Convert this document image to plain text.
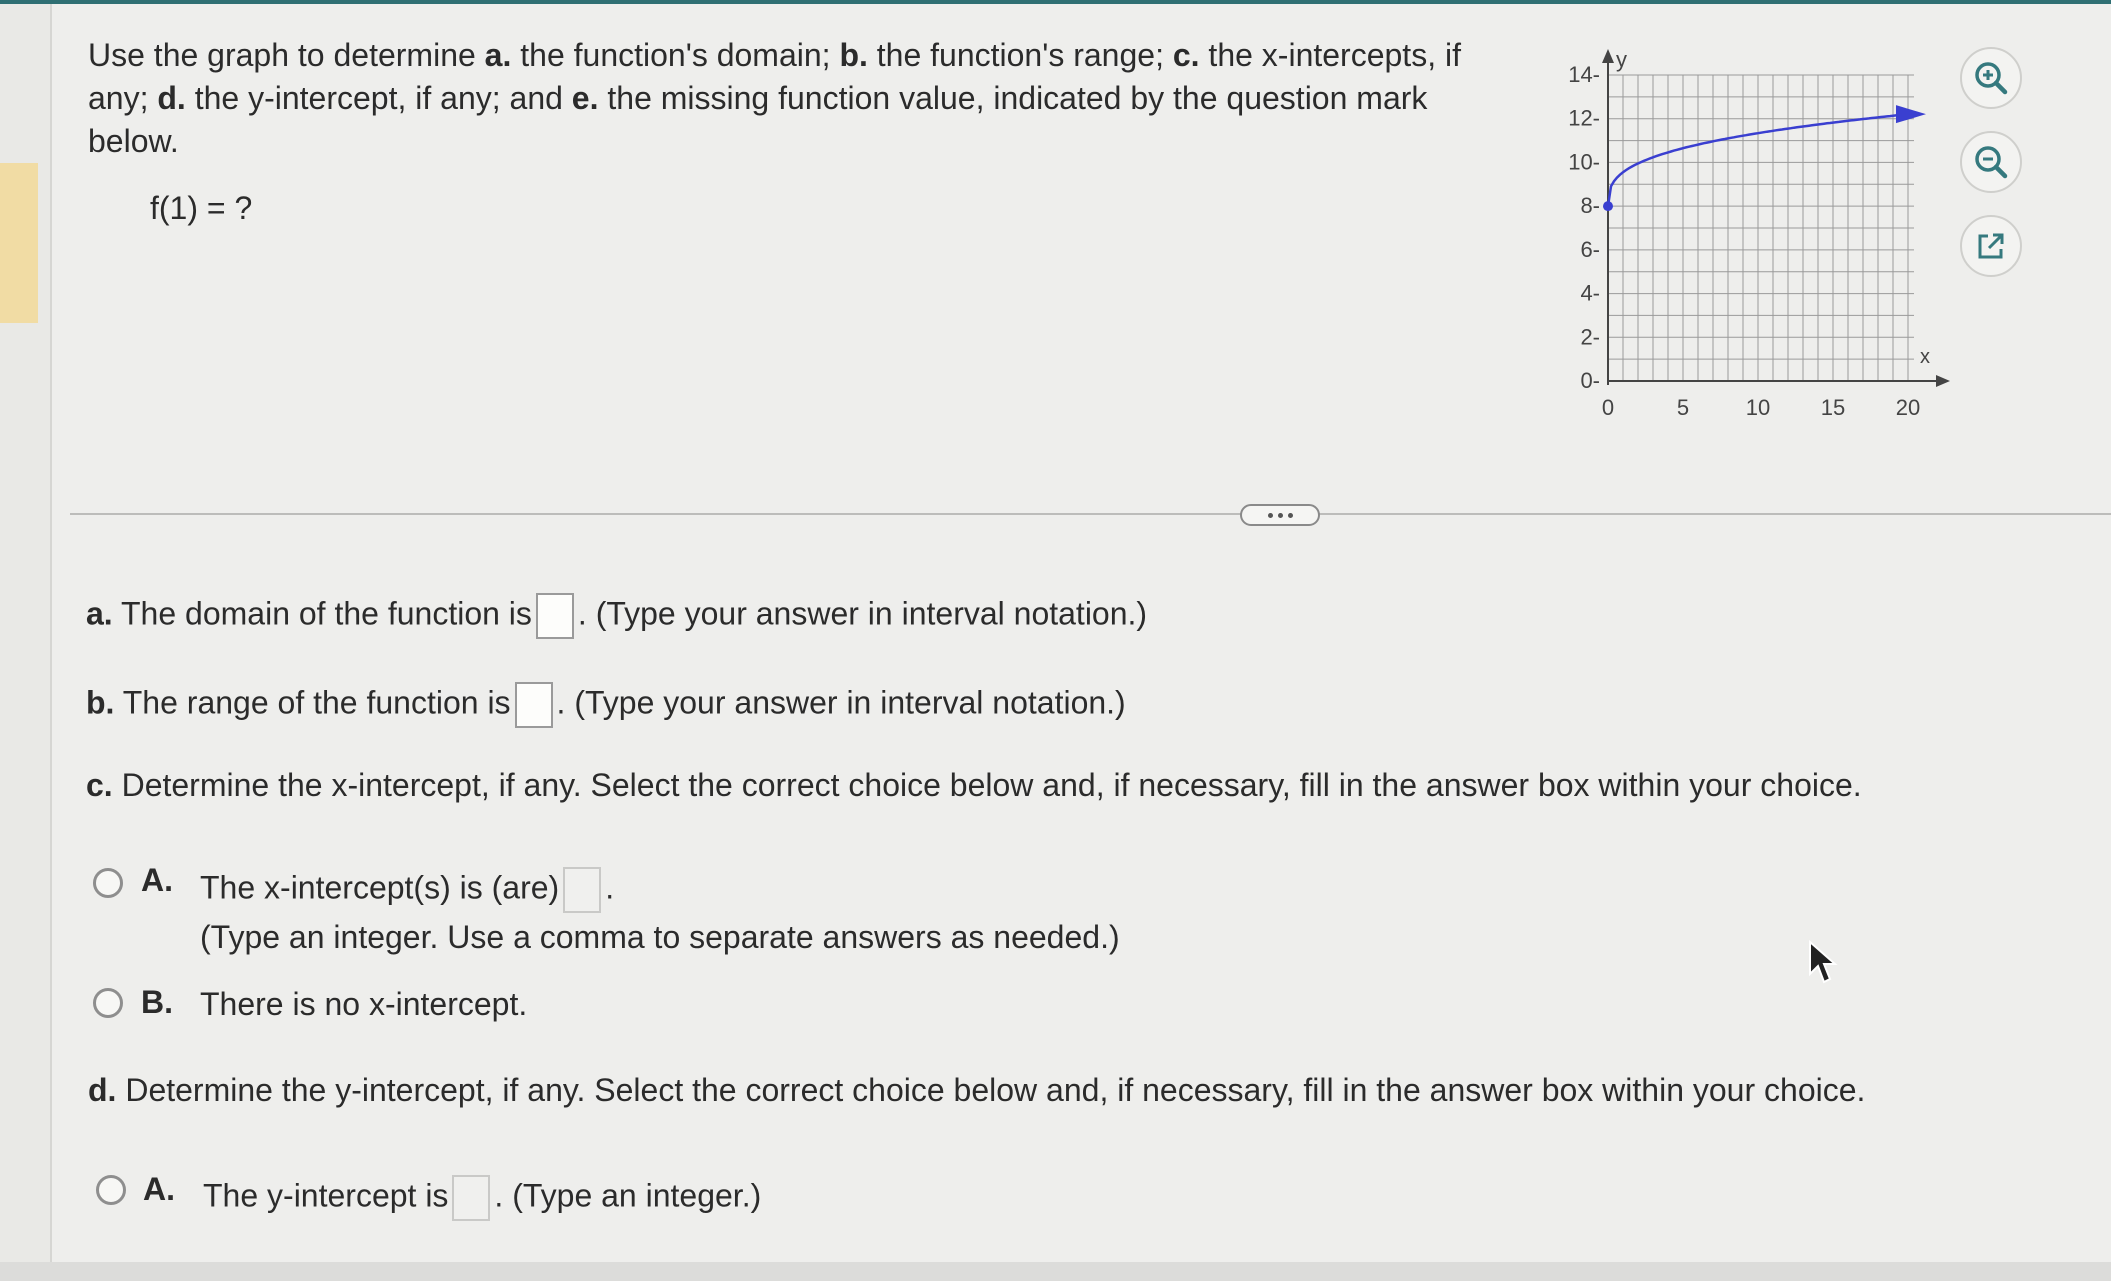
Use the graph to determine a. the function's domain; b. the function's range; c. the x-intercepts, if any; d. the y-intercept, if any; and e. the missing function value, indicated by the question mark below.
f(1) = ?
y
x
0-
2-
4-
6-
8-
10-
12-
14-
0	5	10 15 20
a. The domain of the function is . (Type your answer in interval notation.)
b. The range of the function is . (Type your answer in interval notation.)
c. Determine the x-intercept, if any. Select the correct choice below and, if necessary, fill in the answer box within your choice.
A. The x-intercept(s) is (are) .
(Type an integer. Use a comma to separate answers as needed.)
B. There is no x-intercept.
d. Determine the y-intercept, if any. Select the correct choice below and, if necessary, fill in the answer box within your choice.
A. The y-intercept is . (Type an integer.)
